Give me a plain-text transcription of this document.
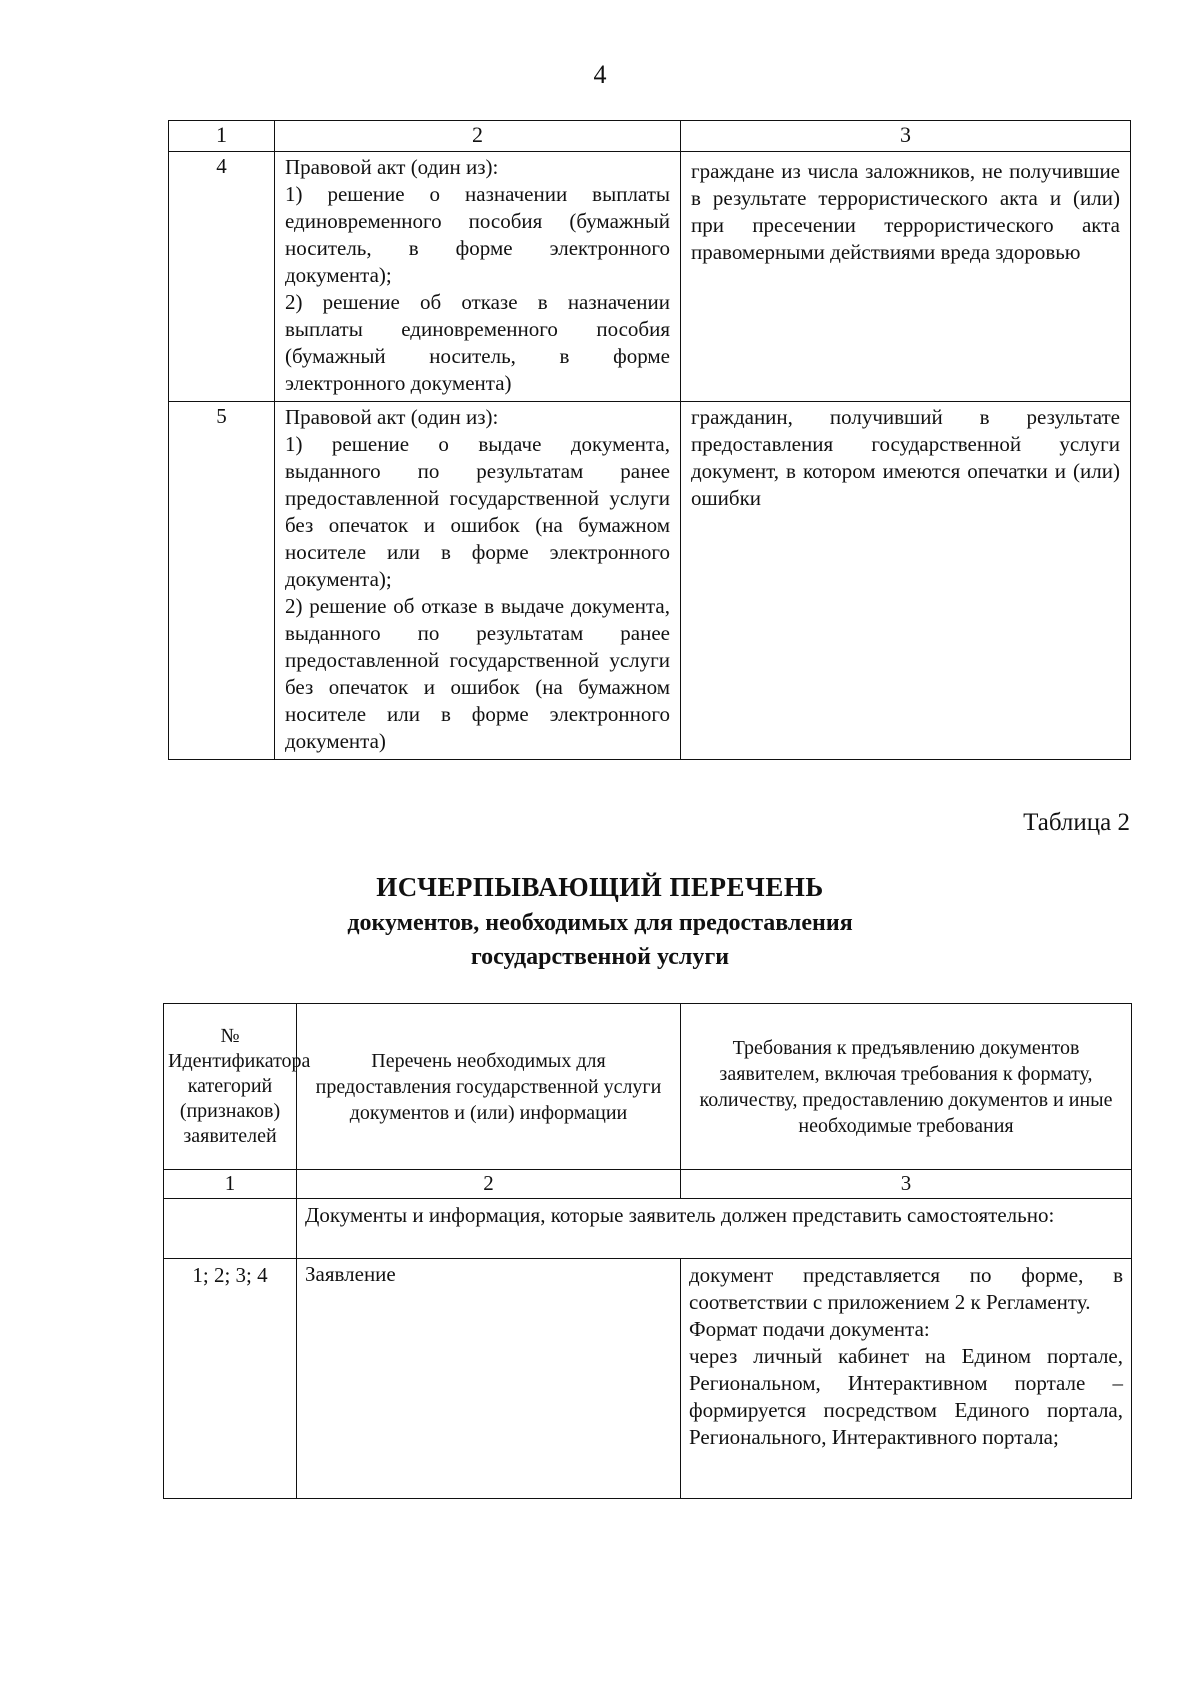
4
1	2	3
4	Правовой акт (один из):
1) решение о назначении выплаты единовременного пособия (бумажный носитель, в форме электронного документа);
2) решение об отказе в назначении выплаты единовременного пособия (бумажный носитель, в форме электронного документа)	граждане из числа заложников, не получившие в результате террористического акта и (или) при пресечении террористического акта правомерными действиями вреда здоровью
5	Правовой акт (один из):
1) решение о выдаче документа, выданного по результатам ранее предоставленной государственной услуги без опечаток и ошибок (на бумажном носителе или в форме электронного документа);
2) решение об отказе в выдаче документа, выданного по результатам ранее предоставленной государственной услуги без опечаток и ошибок (на бумажном носителе или в форме электронного документа)	гражданин, получивший в результате предоставления государственной услуги документ, в котором имеются опечатки и (или) ошибки
Таблица 2
ИСЧЕРПЫВАЮЩИЙ ПЕРЕЧЕНЬ
документов, необходимых для предоставления
государственной услуги
№ Идентификатора категорий (признаков) заявителей	Перечень необходимых для предоставления государственной услуги документов и (или) информации	Требования к предъявлению документов заявителем, включая требования к формату, количеству, предоставлению документов и иные необходимые требования
1	2	3
	Документы и информация, которые заявитель должен представить самостоятельно:	
1; 2; 3; 4	Заявление	документ представляется по форме, в соответствии с приложением 2 к Регламенту.
Формат подачи документа:
через личный кабинет на Едином портале, Региональном, Интерактивном портале – формируется посредством Единого портала, Регионального, Интерактивного портала;
